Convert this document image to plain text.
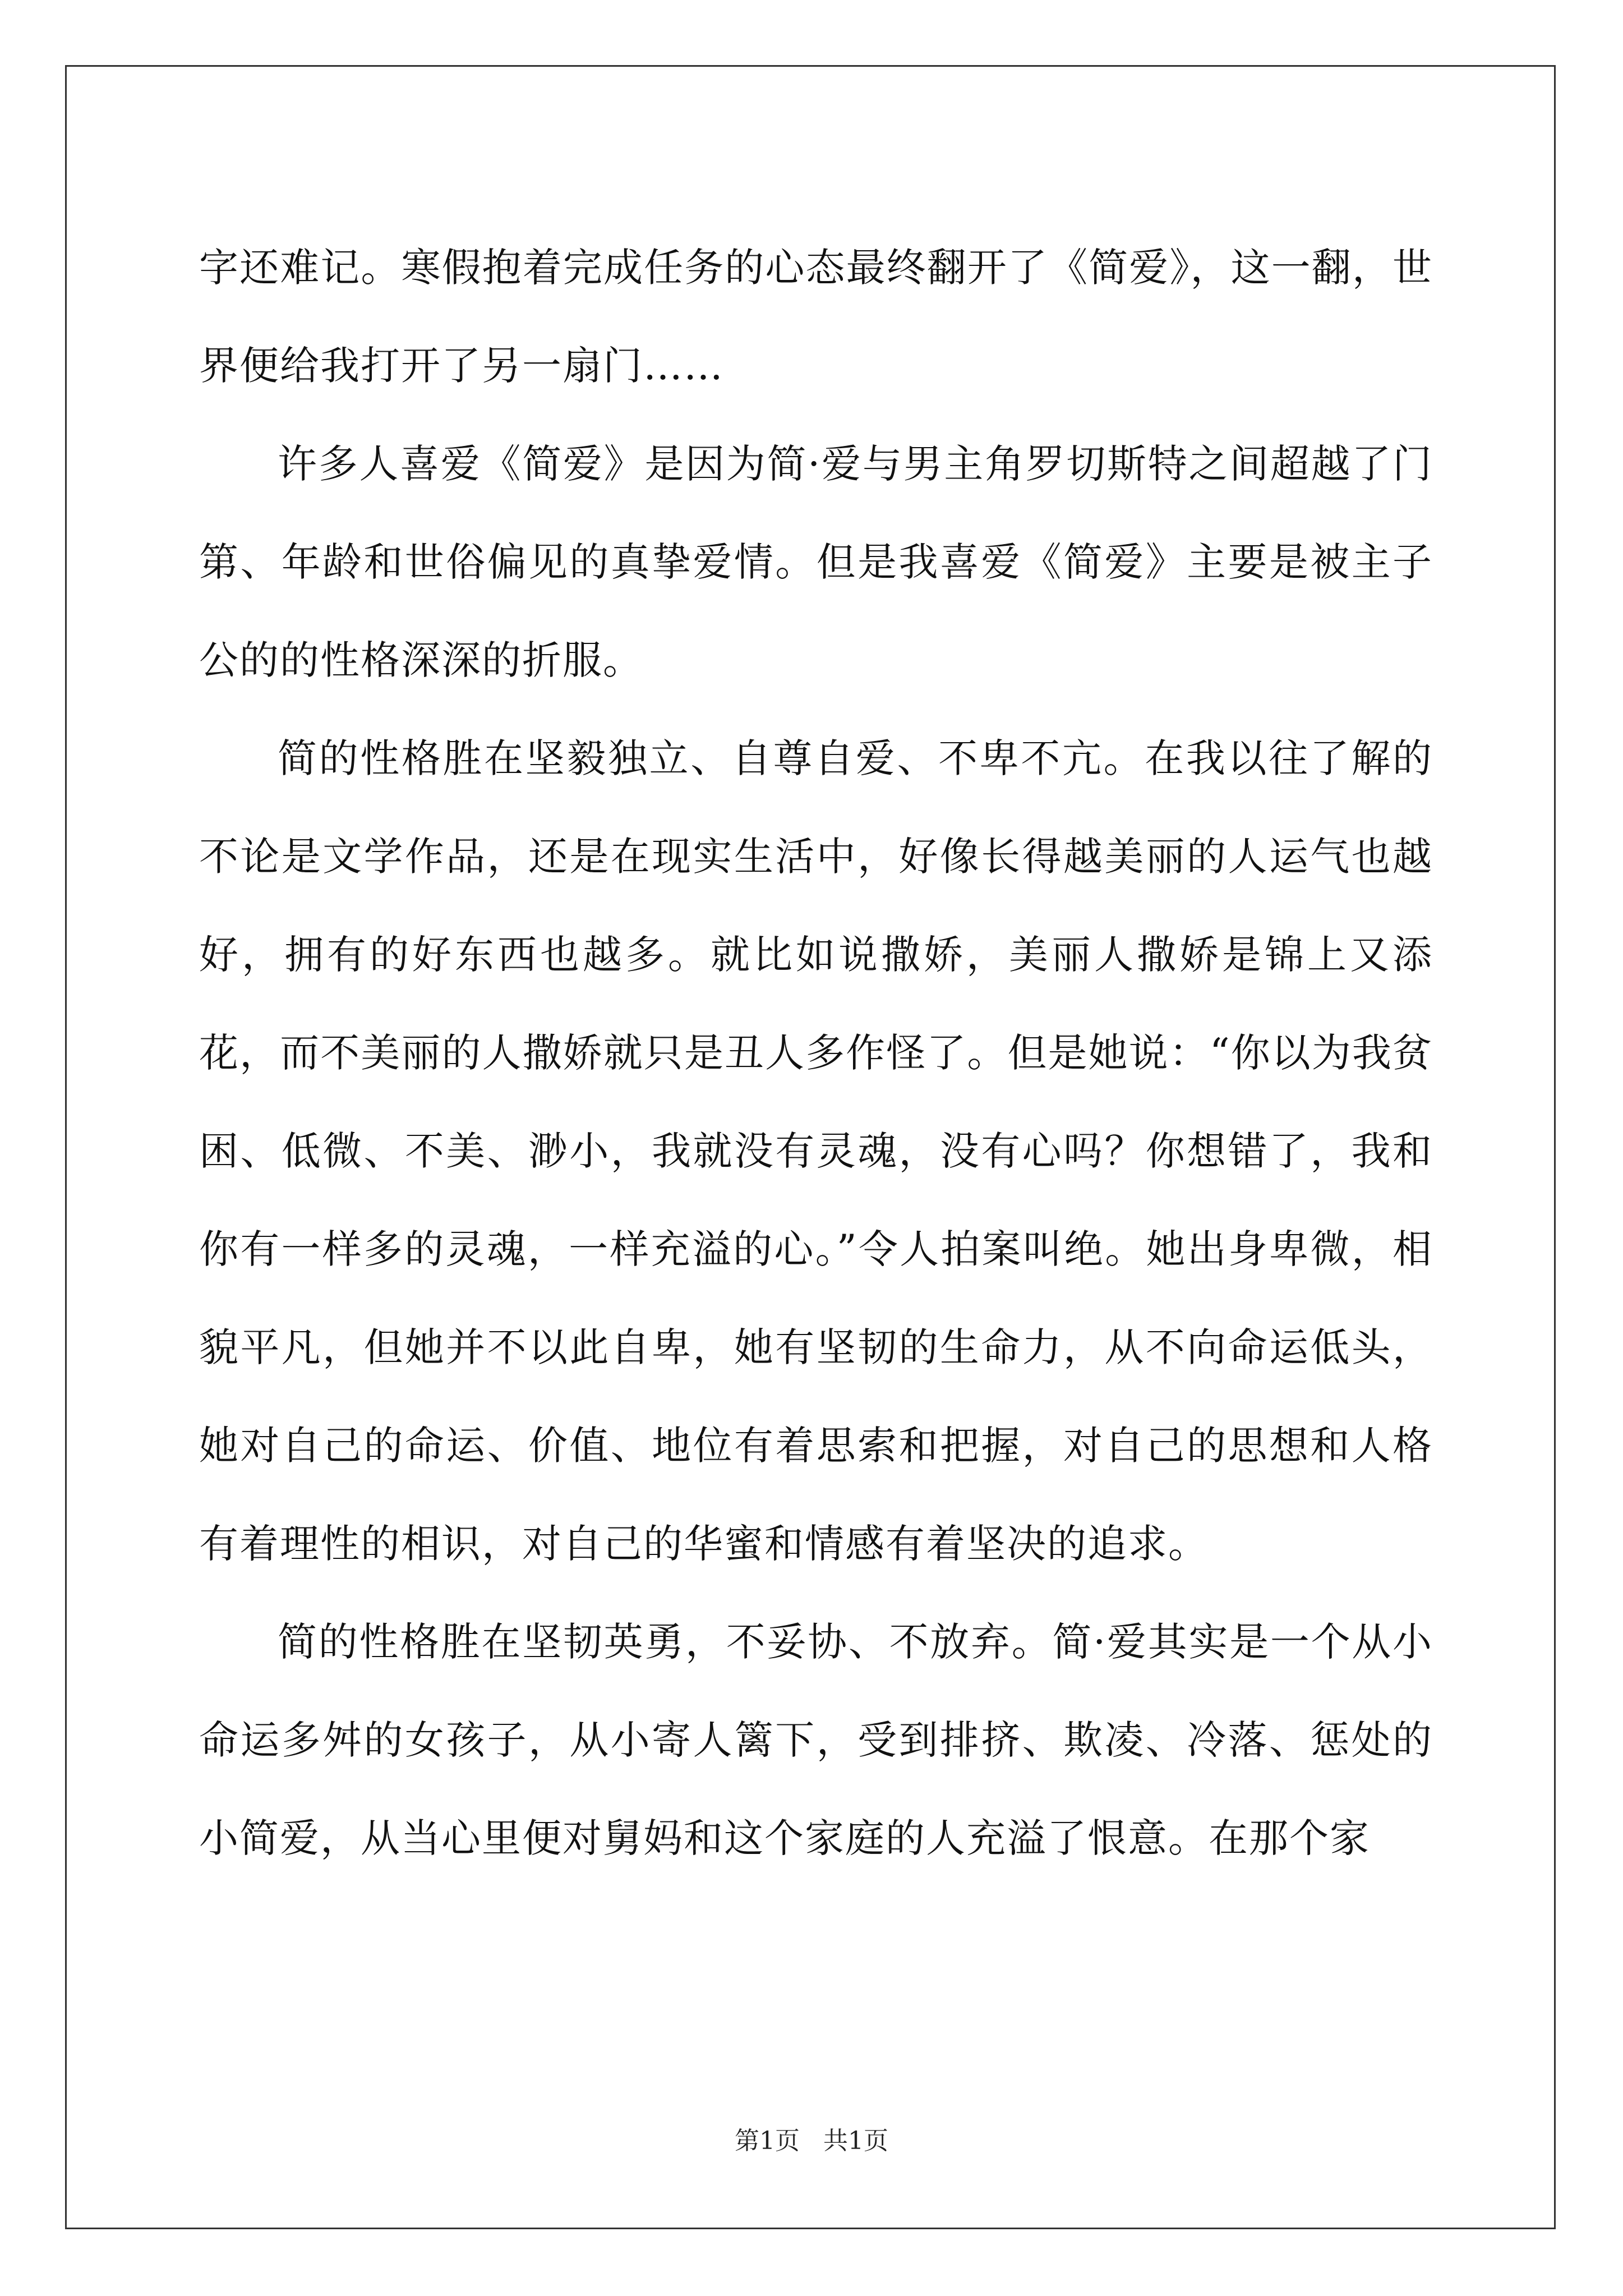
字还难记。寒假抱着完成任务的心态最终翻开了《简爱》，这一翻，世界便给我打开了另一扇门……

许多人喜爱《简爱》是因为简·爱与男主角罗切斯特之间超越了门第、年龄和世俗偏见的真挚爱情。但是我喜爱《简爱》主要是被主子公的的性格深深的折服。

简的性格胜在坚毅独立、自尊自爱、不卑不亢。在我以往了解的不论是文学作品，还是在现实生活中，好像长得越美丽的人运气也越好，拥有的好东西也越多。就比如说撒娇，美丽人撒娇是锦上又添花，而不美丽的人撒娇就只是丑人多作怪了。但是她说：“你以为我贫困、低微、不美、渺小，我就没有灵魂，没有心吗？你想错了，我和你有一样多的灵魂，一样充溢的心。”令人拍案叫绝。她出身卑微，相貌平凡，但她并不以此自卑，她有坚韧的生命力，从不向命运低头，她对自己的命运、价值、地位有着思索和把握，对自己的思想和人格有着理性的相识，对自己的华蜜和情感有着坚决的追求。

简的性格胜在坚韧英勇，不妥协、不放弃。简·爱其实是一个从小命运多舛的女孩子，从小寄人篱下，受到排挤、欺凌、冷落、惩处的小简爱，从当心里便对舅妈和这个家庭的人充溢了恨意。在那个家

第1页   共1页
